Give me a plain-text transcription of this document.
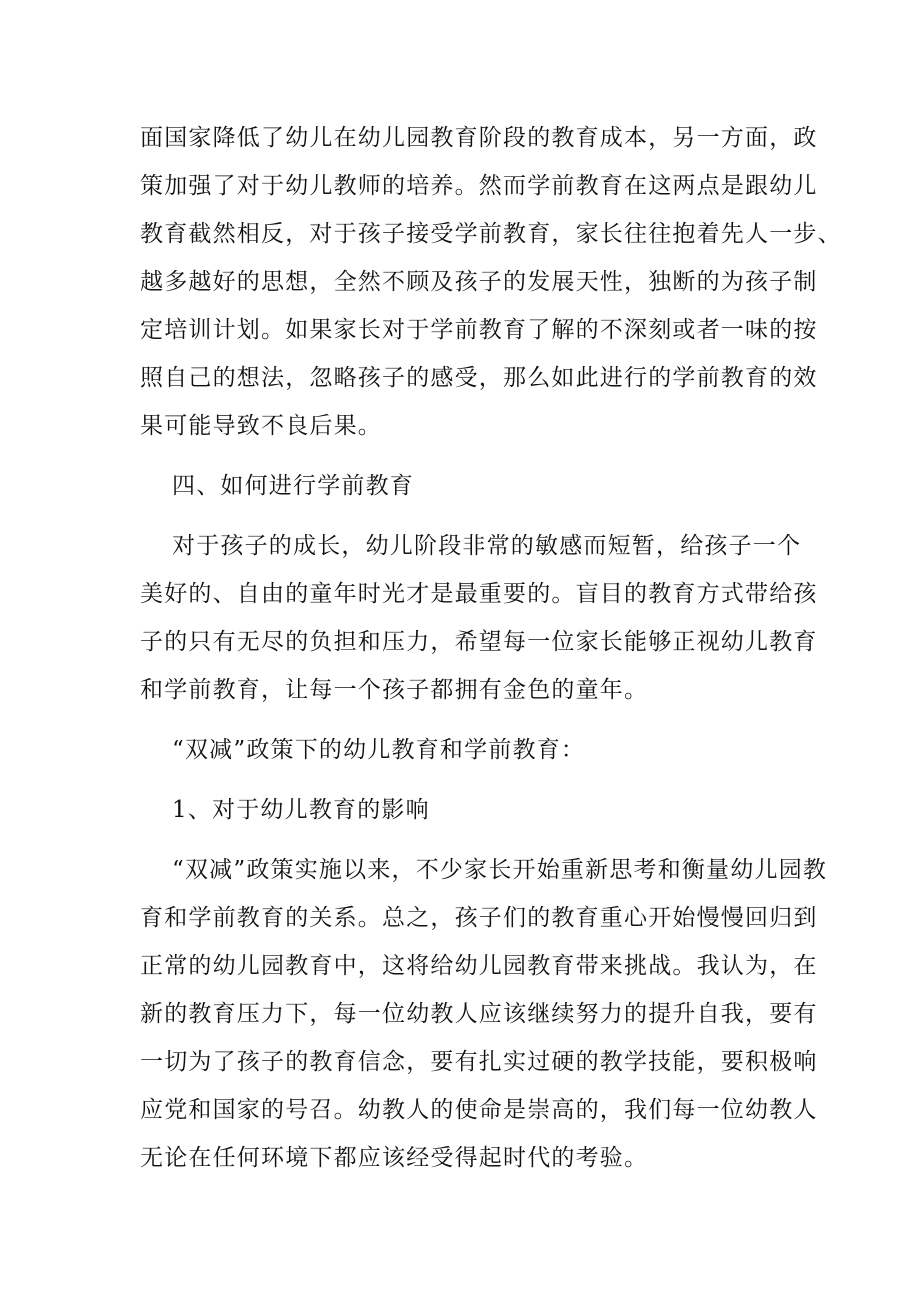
面国家降低了幼儿在幼儿园教育阶段的教育成本，另一方面，政
策加强了对于幼儿教师的培养。然而学前教育在这两点是跟幼儿
教育截然相反，对于孩子接受学前教育，家长往往抱着先人一步、
越多越好的思想，全然不顾及孩子的发展天性，独断的为孩子制
定培训计划。如果家长对于学前教育了解的不深刻或者一味的按
照自己的想法，忽略孩子的感受，那么如此进行的学前教育的效
果可能导致不良后果。
四、如何进行学前教育
对于孩子的成长，幼儿阶段非常的敏感而短暂，给孩子一个
美好的、自由的童年时光才是最重要的。盲目的教育方式带给孩
子的只有无尽的负担和压力，希望每一位家长能够正视幼儿教育
和学前教育，让每一个孩子都拥有金色的童年。
“双减”政策下的幼儿教育和学前教育：
1、对于幼儿教育的影响
“双减”政策实施以来，不少家长开始重新思考和衡量幼儿园教
育和学前教育的关系。总之，孩子们的教育重心开始慢慢回归到
正常的幼儿园教育中，这将给幼儿园教育带来挑战。我认为，在
新的教育压力下，每一位幼教人应该继续努力的提升自我，要有
一切为了孩子的教育信念，要有扎实过硬的教学技能，要积极响
应党和国家的号召。幼教人的使命是崇高的，我们每一位幼教人
无论在任何环境下都应该经受得起时代的考验。
